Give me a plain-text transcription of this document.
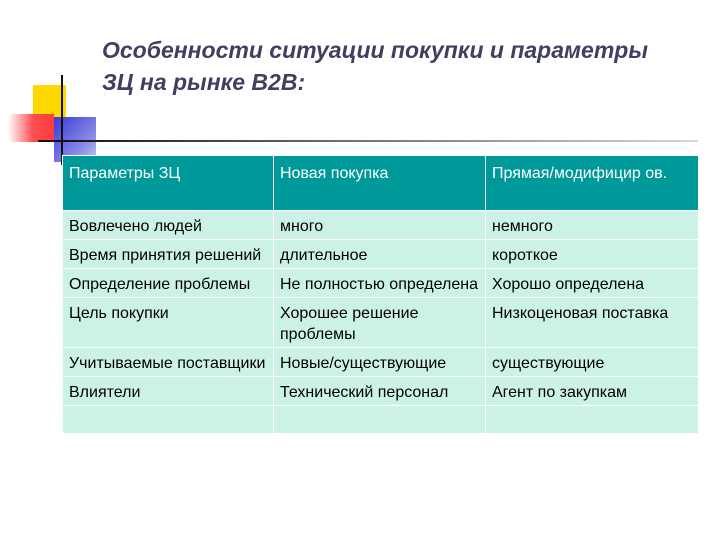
Особенности ситуации покупки и параметры
ЗЦ на рынке В2В:
Параметры ЗЦ	Новая покупка	Прямая/модифицир ов.
Вовлечено людей	много	немного
Время принятия решений	длительное	короткое
Определение проблемы	Не полностью определена	Хорошо определена
Цель покупки	Хорошее решение проблемы	Низкоценовая поставка
Учитываемые поставщики	Новые/существующие	существующие
Влиятели	Технический персонал	Агент по закупкам
